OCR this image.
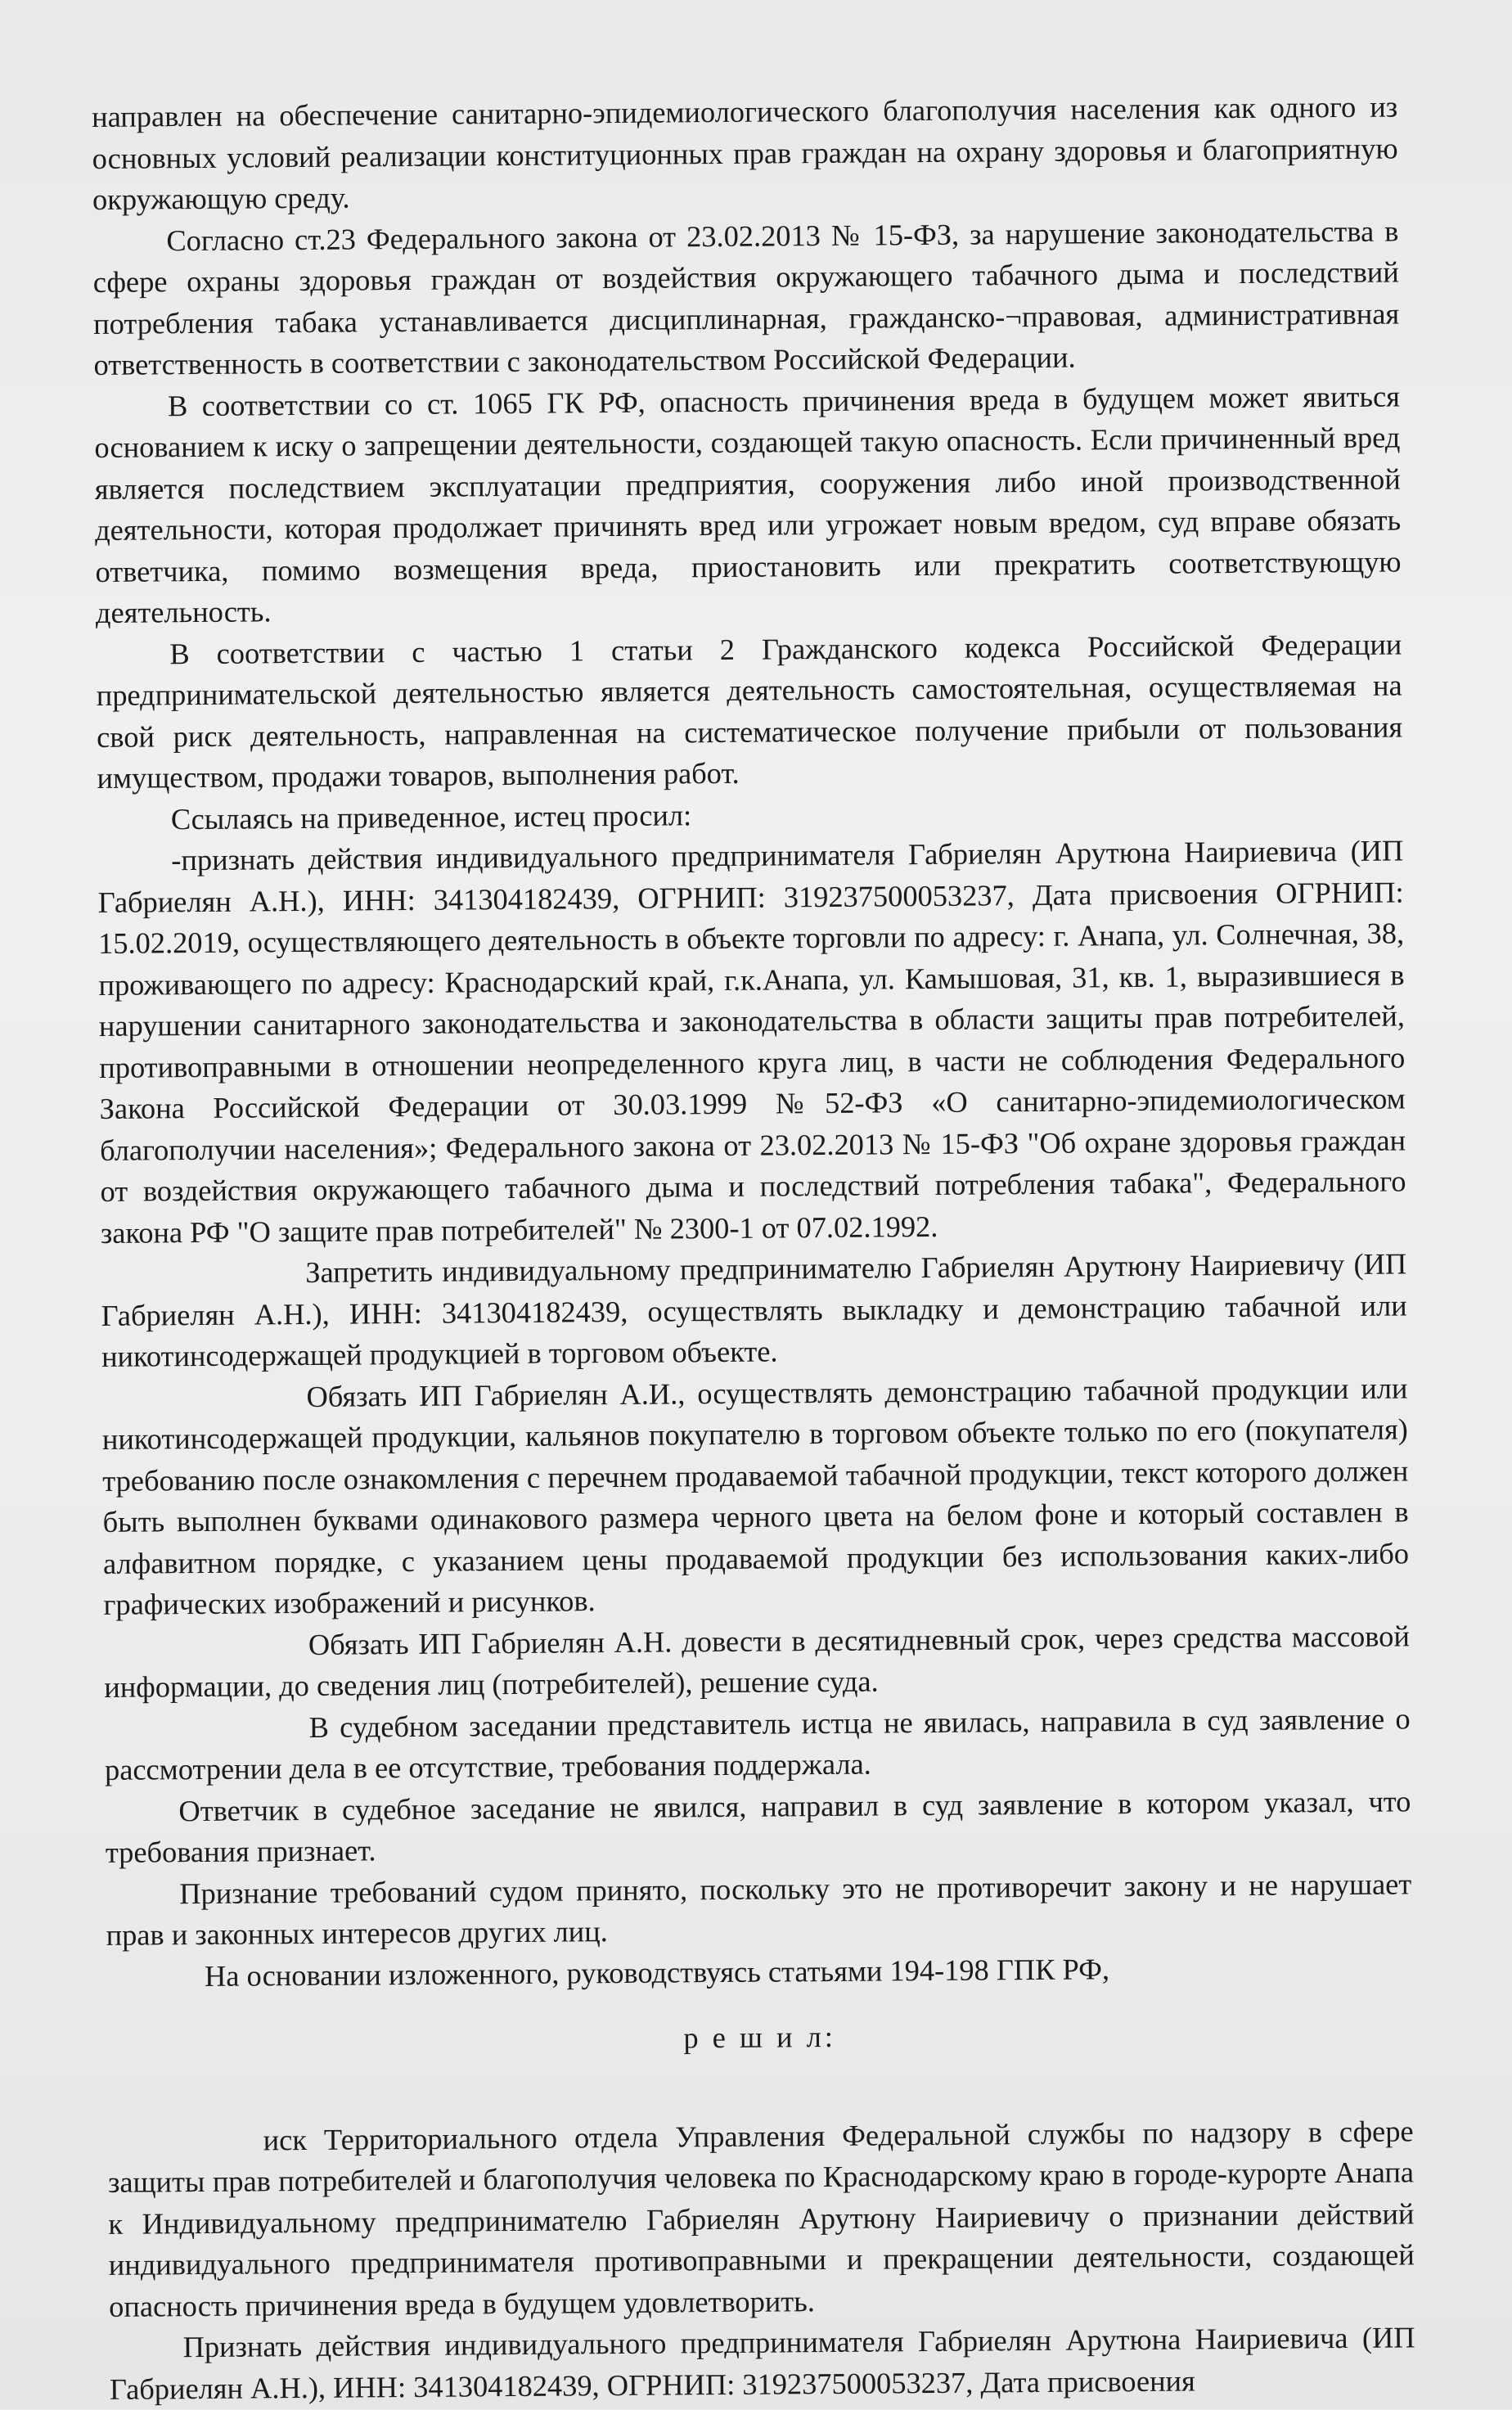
направлен на обеспечение санитарно-эпидемиологического благополучия населения как одного из основных условий реализации конституционных прав граждан на охрану здоровья и благоприятную окружающую среду.

Согласно ст.23 Федерального закона от 23.02.2013 № 15-ФЗ, за нарушение законодательства в сфере охраны здоровья граждан от воздействия окружающего табачного дыма и последствий потребления табака устанавливается дисциплинарная, гражданско-¬правовая, административная ответственность в соответствии с законодательством Российской Федерации.

В соответствии со ст. 1065 ГК РФ, опасность причинения вреда в будущем может явиться основанием к иску о запрещении деятельности, создающей такую опасность. Если причиненный вред является последствием эксплуатации предприятия, сооружения либо иной производственной деятельности, которая продолжает причинять вред или угрожает новым вредом, суд вправе обязать ответчика, помимо возмещения вреда, приостановить или прекратить соответствующую деятельность.

В соответствии с частью 1 статьи 2 Гражданского кодекса Российской Федерации предпринимательской деятельностью является деятельность самостоятельная, осуществляемая на свой риск деятельность, направленная на систематическое получение прибыли от пользования имуществом, продажи товаров, выполнения работ.

Ссылаясь на приведенное, истец просил:

-признать действия индивидуального предпринимателя Габриелян Арутюна Наириевича (ИП Габриелян А.Н.), ИНН: 341304182439, ОГРНИП: 319237500053237, Дата присвоения ОГРНИП: 15.02.2019, осуществляющего деятельность в объекте торговли по адресу: г. Анапа, ул. Солнечная, 38, проживающего по адресу: Краснодарский край, г.к.Анапа, ул. Камышовая, 31, кв. 1, выразившиеся в нарушении санитарного законодательства и законодательства в области защиты прав потребителей, противоправными в отношении неопределенного круга лиц, в части не соблюдения Федерального Закона Российской Федерации от 30.03.1999 №52-ФЗ «О санитарно-эпидемиологическом благополучии населения»; Федерального закона от 23.02.2013 № 15-ФЗ "Об охране здоровья граждан от воздействия окружающего табачного дыма и последствий потребления табака", Федерального закона РФ "О защите прав потребителей" № 2300-1 от 07.02.1992.

Запретить индивидуальному предпринимателю Габриелян Арутюну Наириевичу (ИП Габриелян А.Н.), ИНН: 341304182439, осуществлять выкладку и демонстрацию табачной или никотинсодержащей продукцией в торговом объекте.

Обязать ИП Габриелян А.И., осуществлять демонстрацию табачной продукции или никотинсодержащей продукции, кальянов покупателю в торговом объекте только по его (покупателя) требованию после ознакомления с перечнем продаваемой табачной продукции, текст которого должен быть выполнен буквами одинакового размера черного цвета на белом фоне и который составлен в алфавитном порядке, с указанием цены продаваемой продукции без использования каких-либо графических изображений и рисунков.

Обязать ИП Габриелян А.Н. довести в десятидневный срок, через средства массовой информации, до сведения лиц (потребителей), решение суда.

В судебном заседании представитель истца не явилась, направила в суд заявление о рассмотрении дела в ее отсутствие, требования поддержала.

Ответчик в судебное заседание не явился, направил в суд заявление в котором указал, что требования признает.

Признание требований судом принято, поскольку это не противоречит закону и не нарушает прав и законных интересов других лиц.

На основании изложенного, руководствуясь статьями 194-198 ГПК РФ,

р е ш и л:

иск Территориального отдела Управления Федеральной службы по надзору в сфере защиты прав потребителей и благополучия человека по Краснодарскому краю в городе-курорте Анапа к Индивидуальному предпринимателю Габриелян Арутюну Наириевичу о признании действий индивидуального предпринимателя противоправными и прекращении деятельности, создающей опасность причинения вреда в будущем удовлетворить.

Признать действия индивидуального предпринимателя Габриелян Арутюна Наириевича (ИП Габриелян А.Н.), ИНН: 341304182439, ОГРНИП: 319237500053237, Дата присвоения
